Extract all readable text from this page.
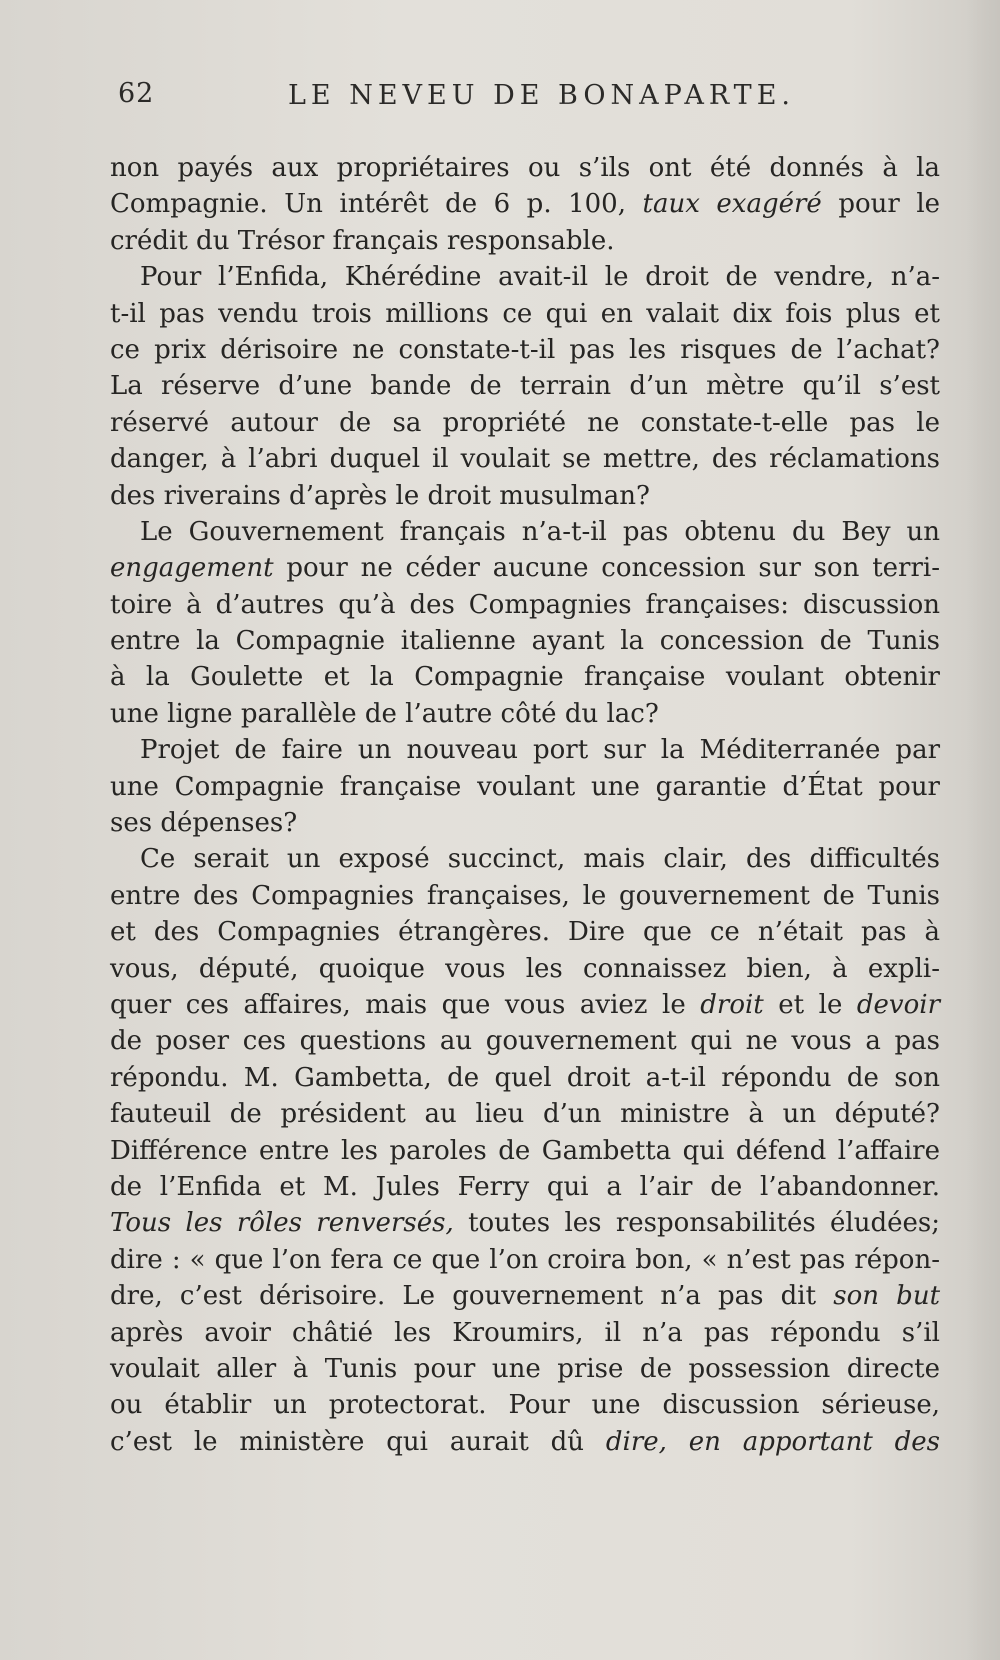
62	LE NEVEU DE BONAPARTE.
non payés aux propriétaires ou s’ils ont été donnés à la
Compagnie. Un intérêt de 6 p. 100, taux exagéré pour le
crédit du Trésor français responsable.
Pour l’Enfida, Khérédine avait-il le droit de vendre, n’a-
t-il pas vendu trois millions ce qui en valait dix fois plus et
ce prix dérisoire ne constate-t-il pas les risques de l’achat?
La réserve d’une bande de terrain d’un mètre qu’il s’est
réservé autour de sa propriété ne constate-t-elle pas le
danger, à l’abri duquel il voulait se mettre, des réclamations
des riverains d’après le droit musulman?
Le Gouvernement français n’a-t-il pas obtenu du Bey un
engagement pour ne céder aucune concession sur son terri-
toire à d’autres qu’à des Compagnies françaises: discussion
entre la Compagnie italienne ayant la concession de Tunis
à la Goulette et la Compagnie française voulant obtenir
une ligne parallèle de l’autre côté du lac?
Projet de faire un nouveau port sur la Méditerranée par
une Compagnie française voulant une garantie d’État pour
ses dépenses?
Ce serait un exposé succinct, mais clair, des difficultés
entre des Compagnies françaises, le gouvernement de Tunis
et des Compagnies étrangères. Dire que ce n’était pas à
vous, député, quoique vous les connaissez bien, à expli-
quer ces affaires, mais que vous aviez le droit et le devoir
de poser ces questions au gouvernement qui ne vous a pas
répondu. M. Gambetta, de quel droit a-t-il répondu de son
fauteuil de président au lieu d’un ministre à un député?
Différence entre les paroles de Gambetta qui défend l’affaire
de l’Enfida et M. Jules Ferry qui a l’air de l’abandonner.
Tous les rôles renversés, toutes les responsabilités éludées;
dire : « que l’on fera ce que l’on croira bon, « n’est pas répon-
dre, c’est dérisoire. Le gouvernement n’a pas dit son but
après avoir châtié les Kroumirs, il n’a pas répondu s’il
voulait aller à Tunis pour une prise de possession directe
ou établir un protectorat. Pour une discussion sérieuse,
c’est le ministère qui aurait dû dire, en apportant des
